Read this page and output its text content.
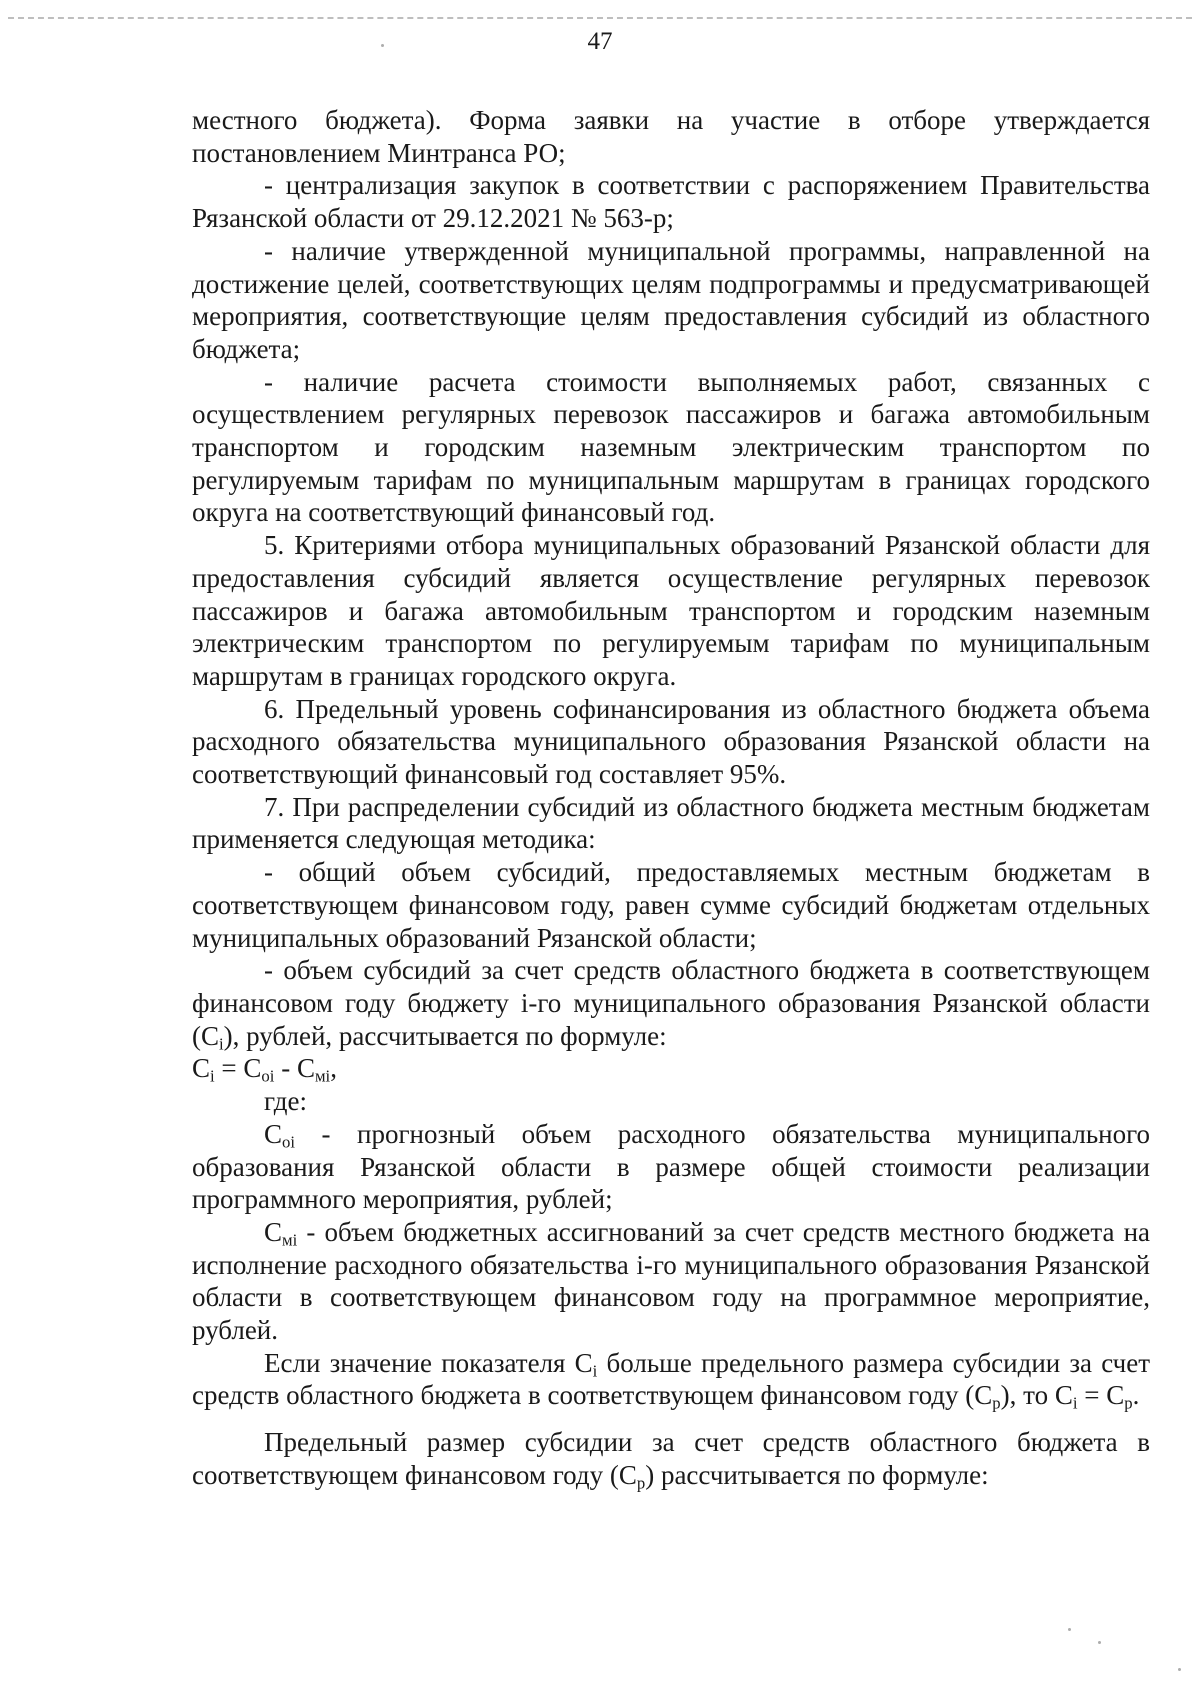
47

местного бюджета). Форма заявки на участие в отборе утверждается постановлением Минтранса РО;

- централизация закупок в соответствии с распоряжением Правительства Рязанской области от 29.12.2021 № 563-р;

- наличие утвержденной муниципальной программы, направленной на достижение целей, соответствующих целям подпрограммы и предусматривающей мероприятия, соответствующие целям предоставления субсидий из областного бюджета;

- наличие расчета стоимости выполняемых работ, связанных с осуществлением регулярных перевозок пассажиров и багажа автомобильным транспортом и городским наземным электрическим транспортом по регулируемым тарифам по муниципальным маршрутам в границах городского округа на соответствующий финансовый год.

5. Критериями отбора муниципальных образований Рязанской области для предоставления субсидий является осуществление регулярных перевозок пассажиров и багажа автомобильным транспортом и городским наземным электрическим транспортом по регулируемым тарифам по муниципальным маршрутам в границах городского округа.

6. Предельный уровень софинансирования из областного бюджета объема расходного обязательства муниципального образования Рязанской области на соответствующий финансовый год составляет 95%.

7. При распределении субсидий из областного бюджета местным бюджетам применяется следующая методика:

- общий объем субсидий, предоставляемых местным бюджетам в соответствующем финансовом году, равен сумме субсидий бюджетам отдельных муниципальных образований Рязанской области;

- объем субсидий за счет средств областного бюджета в соответствующем финансовом году бюджету i-го муниципального образования Рязанской области $(C_i)$, рублей, рассчитывается по формуле:

$C_i = C_{oi} - C_{мi}$,

где:

$C_{oi}$ - прогнозный объем расходного обязательства муниципального образования Рязанской области в размере общей стоимости реализации программного мероприятия, рублей;

$C_{мi}$ - объем бюджетных ассигнований за счет средств местного бюджета на исполнение расходного обязательства i-го муниципального образования Рязанской области в соответствующем финансовом году на программное мероприятие, рублей.

Если значение показателя $C_i$ больше предельного размера субсидии за счет средств областного бюджета в соответствующем финансовом году $(C_p)$, то $C_i = C_p$.

Предельный размер субсидии за счет средств областного бюджета в соответствующем финансовом году $(C_p)$ рассчитывается по формуле:
